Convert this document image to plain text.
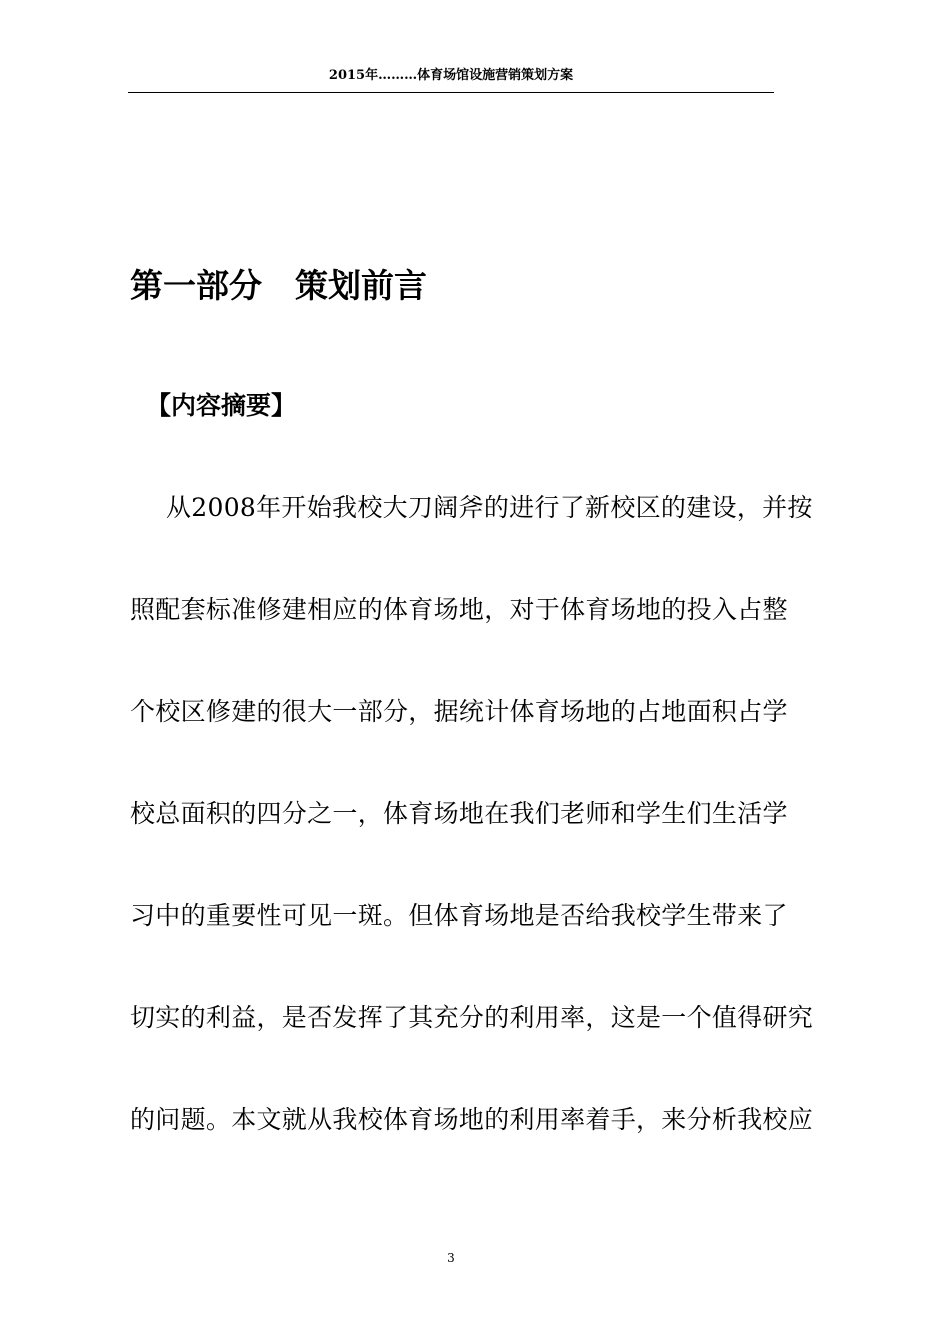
2015年………体育场馆设施营销策划方案
第一部分　策划前言
【内容摘要】
从2008年开始我校大刀阔斧的进行了新校区的建设，并按
照配套标准修建相应的体育场地，对于体育场地的投入占整
个校区修建的很大一部分，据统计体育场地的占地面积占学
校总面积的四分之一，体育场地在我们老师和学生们生活学
习中的重要性可见一斑。但体育场地是否给我校学生带来了
切实的利益，是否发挥了其充分的利用率，这是一个值得研究
的问题。本文就从我校体育场地的利用率着手，来分析我校应
3
